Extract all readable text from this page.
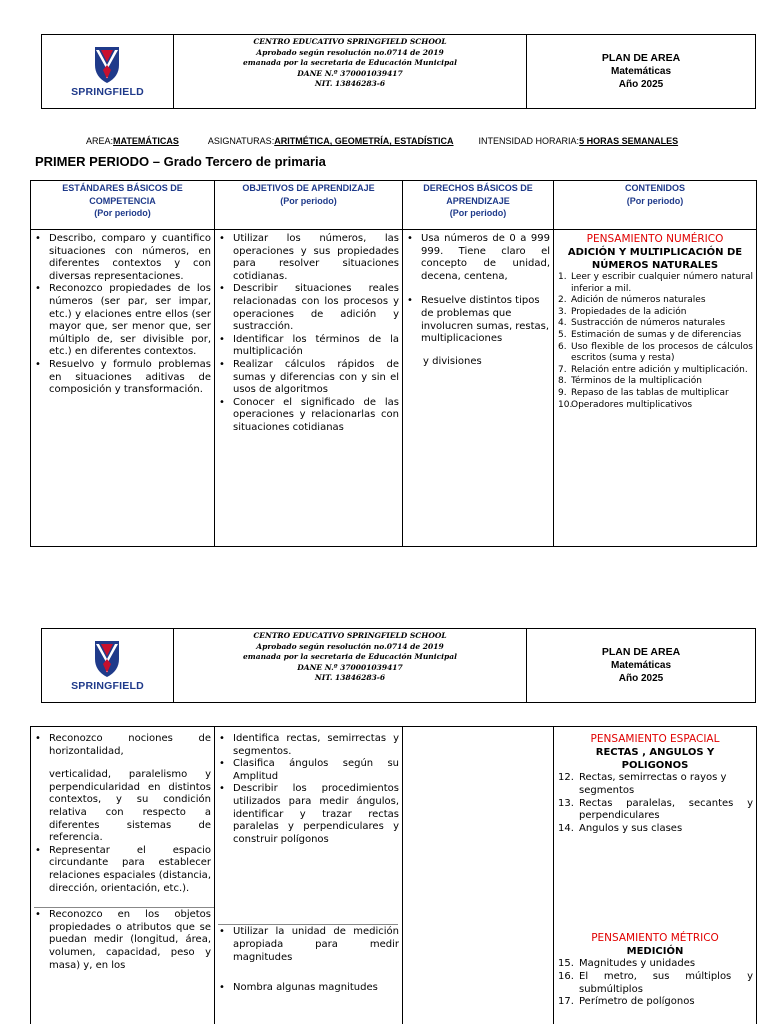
SPRINGFIELD
CENTRO EDUCATIVO SPRINGFIELD SCHOOL
Aprobado según resolución no.0714 de 2019
emanada por la secretaria de Educación Municipal
DANE N.º 370001039417
NIT. 13846283-6
PLAN DE AREA
Matemáticas
Año 2025
AREA: MATEMÁTICAS	ASIGNATURAS: ARITMÉTICA, GEOMETRÍA, ESTADÍSTICA	INTENSIDAD HORARIA: 5 HORAS SEMANALES
PRIMER PERIODO – Grado Tercero de primaria
ESTÁNDARES BÁSICOS DE COMPETENCIA
(Por periodo)
OBJETIVOS DE APRENDIZAJE
(Por periodo)
DERECHOS BÁSICOS DE APRENDIZAJE
(Por periodo)
CONTENIDOS
(Por periodo)
• Describo, comparo y cuantifico situaciones con números, en diferentes contextos y con diversas representaciones.
• Reconozco propiedades de los números (ser par, ser impar, etc.) y elaciones entre ellos (ser mayor que, ser menor que, ser múltiplo de, ser divisible por, etc.) en diferentes contextos.
• Resuelvo y formulo problemas en situaciones aditivas de composición y transformación.
• Utilizar los números, las operaciones y sus propiedades para resolver situaciones cotidianas.
• Describir situaciones reales relacionadas con los procesos y operaciones de adición y sustracción.
• Identificar los términos de la multiplicación
• Realizar cálculos rápidos de sumas y diferencias con y sin el usos de algoritmos
• Conocer el significado de las operaciones y relacionarlas con situaciones cotidianas
• Usa números de 0 a 999 999. Tiene claro el concepto de unidad, decena, centena,
• Resuelve distintos tipos de problemas que involucren sumas, restas, multiplicaciones
y divisiones
PENSAMIENTO NUMÉRICO
ADICIÓN Y MULTIPLICACIÓN DE NÚMEROS NATURALES
1. Leer y escribir cualquier número natural inferior a mil.
2. Adición de números naturales
3. Propiedades de la adición
4. Sustracción de números naturales
5. Estimación de sumas y de diferencias
6. Uso flexible de los procesos de cálculos escritos (suma y resta)
7. Relación entre adición y multiplicación.
8. Términos de la multiplicación
9. Repaso de las tablas de multiplicar
10. Operadores multiplicativos
SPRINGFIELD
CENTRO EDUCATIVO SPRINGFIELD SCHOOL
Aprobado según resolución no.0714 de 2019
emanada por la secretaria de Educación Municipal
DANE N.º 370001039417
NIT. 13846283-6
PLAN DE AREA
Matemáticas
Año 2025
• Reconozco nociones de horizontalidad,
verticalidad, paralelismo y perpendicularidad en distintos contextos, y su condición relativa con respecto a diferentes sistemas de referencia.
• Representar el espacio circundante para establecer relaciones espaciales (distancia, dirección, orientación, etc.).
• Reconozco en los objetos propiedades o atributos que se puedan medir (longitud, área, volumen, capacidad, peso y masa) y, en los
• Identifica rectas, semirrectas y segmentos.
• Clasifica ángulos según su Amplitud
• Describir los procedimientos utilizados para medir ángulos, identificar y trazar rectas paralelas y perpendiculares y construir polígonos
• Utilizar la unidad de medición apropiada para medir magnitudes
• Nombra algunas magnitudes
PENSAMIENTO ESPACIAL
RECTAS , ANGULOS Y POLIGONOS
12. Rectas, semirrectas o rayos y segmentos
13. Rectas paralelas, secantes y perpendiculares
14. Angulos y sus clases
PENSAMIENTO MÉTRICO
MEDICIÓN
15. Magnitudes y unidades
16. El metro, sus múltiplos y submúltiplos
17. Perímetro de polígonos
